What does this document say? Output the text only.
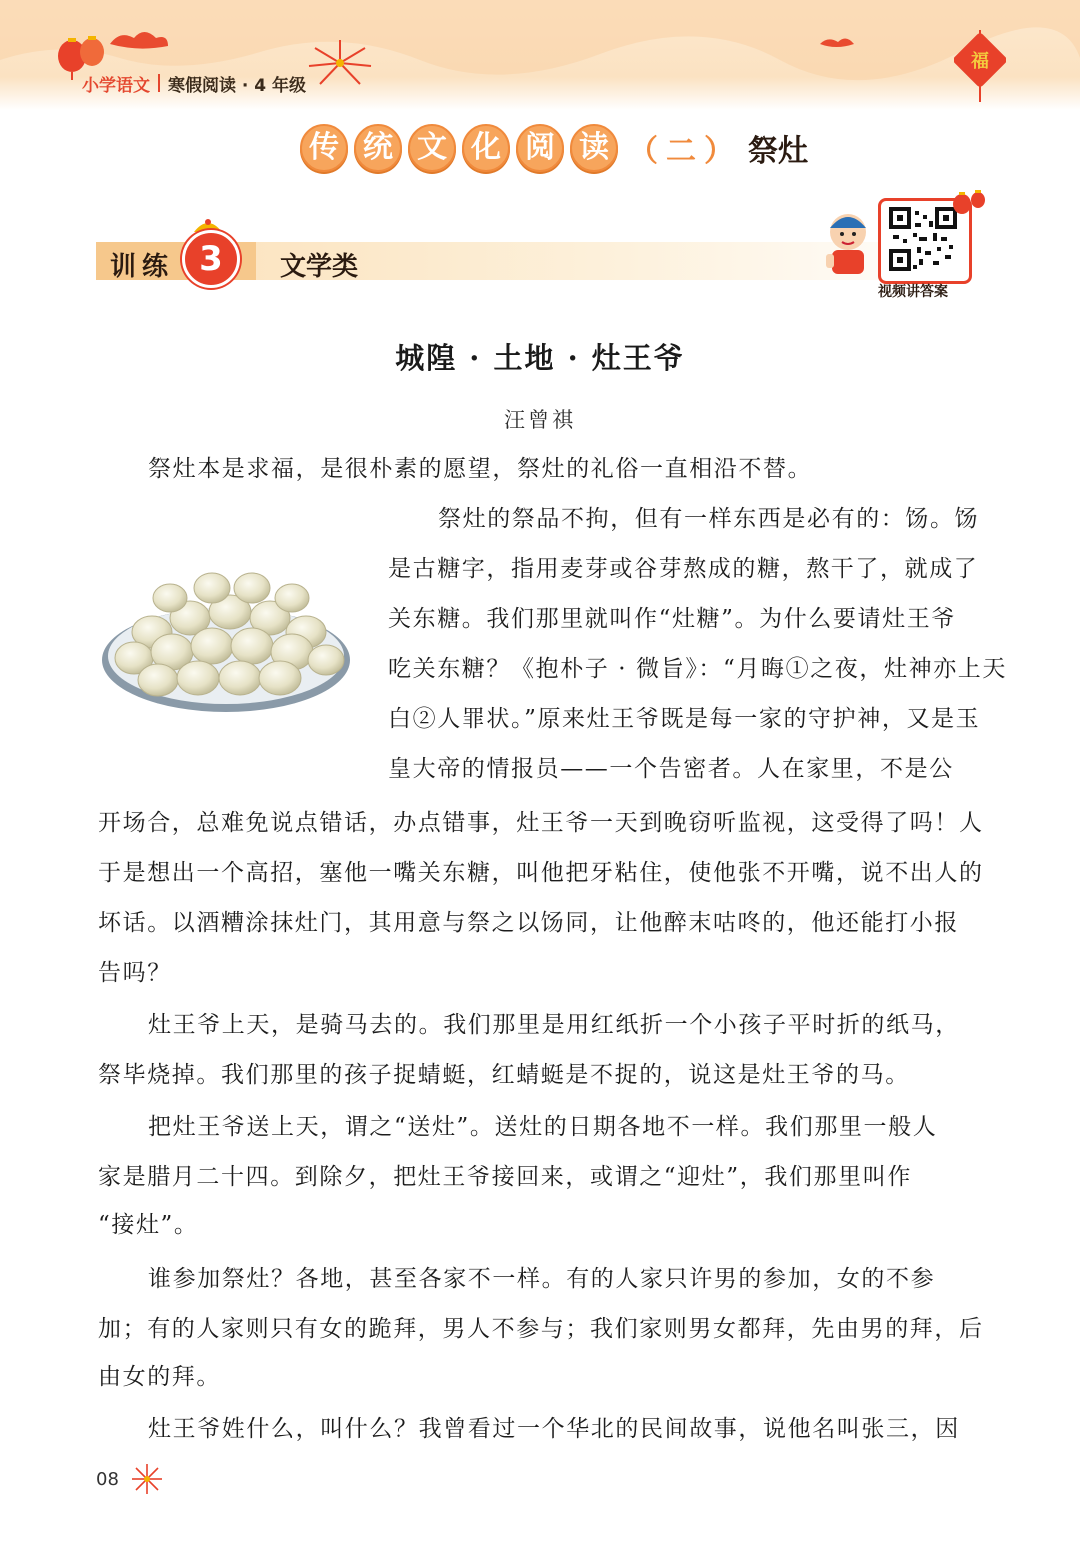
福
小学语文 寒假阅读 · 4 年级
传 统 文 化 阅 读 （ 二 ） 祭灶
训练 3	文学类
视频讲答案
城隍 · 土地 · 灶王爷
汪曾祺
祭灶本是求福，是很朴素的愿望，祭灶的礼俗一直相沿不替。
祭灶的祭品不拘，但有一样东西是必有的：饧。饧
是古糖字，指用麦芽或谷芽熬成的糖，熬干了，就成了
关东糖。我们那里就叫作“灶糖”。为什么要请灶王爷
吃关东糖？《抱朴子 · 微旨》：“月晦①之夜，灶神亦上天
白②人罪状。”原来灶王爷既是每一家的守护神，又是玉
皇大帝的情报员——一个告密者。人在家里，不是公
开场合，总难免说点错话，办点错事，灶王爷一天到晚窃听监视，这受得了吗！人
于是想出一个高招，塞他一嘴关东糖，叫他把牙粘住，使他张不开嘴，说不出人的
坏话。以酒糟涂抹灶门，其用意与祭之以饧同，让他醉末咕咚的，他还能打小报
告吗？
灶王爷上天，是骑马去的。我们那里是用红纸折一个小孩子平时折的纸马，
祭毕烧掉。我们那里的孩子捉蜻蜓，红蜻蜓是不捉的，说这是灶王爷的马。
把灶王爷送上天，谓之“送灶”。送灶的日期各地不一样。我们那里一般人
家是腊月二十四。到除夕，把灶王爷接回来，或谓之“迎灶”，我们那里叫作
“接灶”。
谁参加祭灶？各地，甚至各家不一样。有的人家只许男的参加，女的不参
加；有的人家则只有女的跪拜，男人不参与；我们家则男女都拜，先由男的拜，后
由女的拜。
灶王爷姓什么，叫什么？我曾看过一个华北的民间故事，说他名叫张三，因
08
